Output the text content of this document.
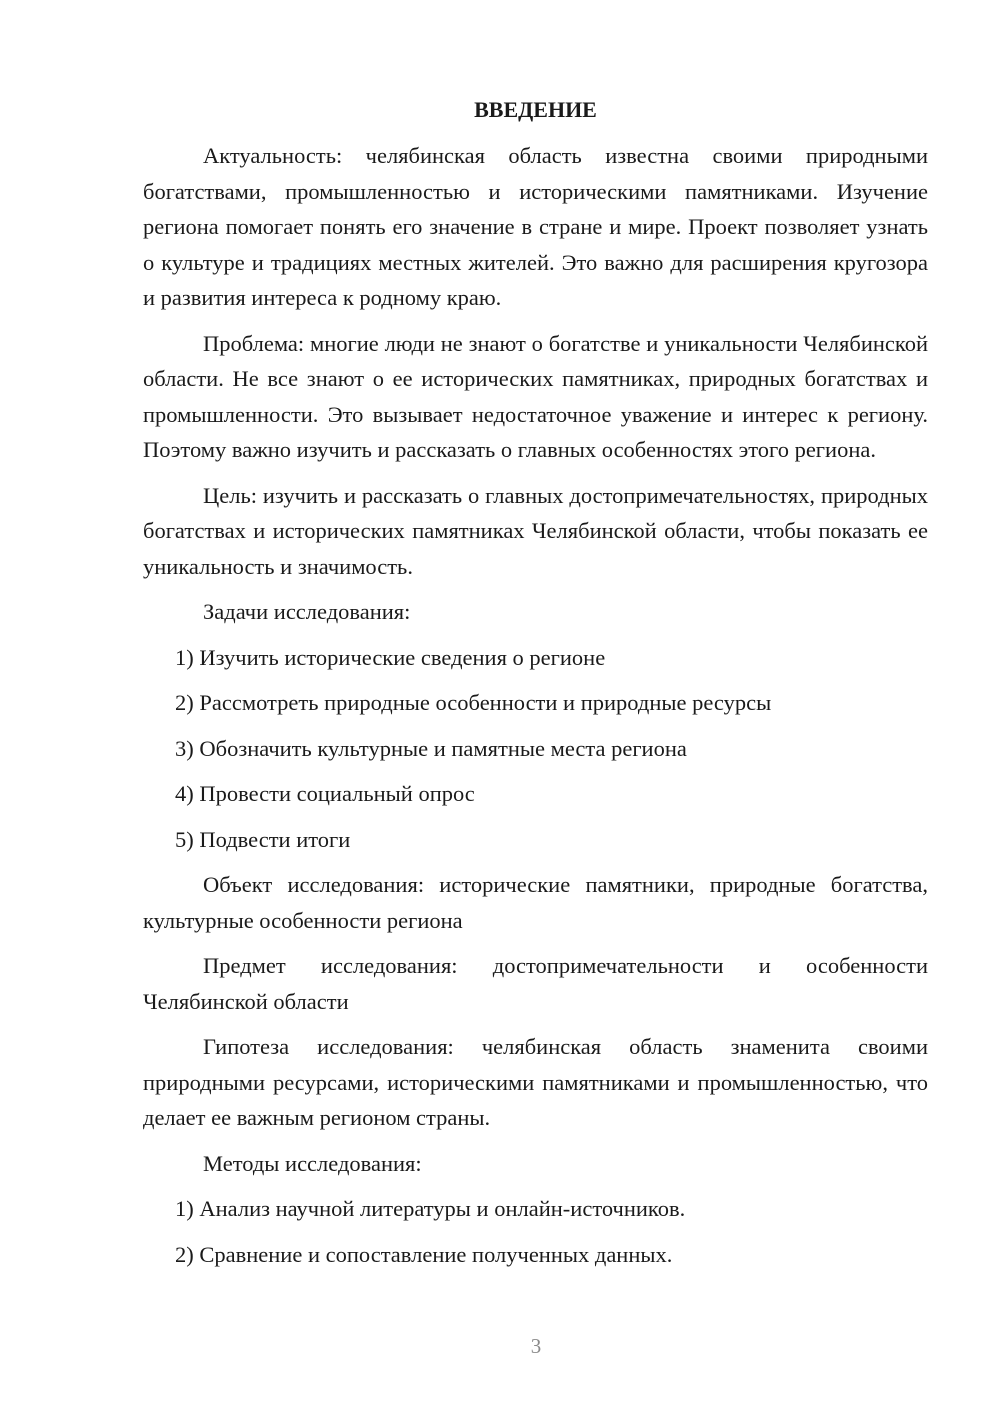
ВВЕДЕНИЕ

Актуальность: челябинская область известна своими природными богатствами, промышленностью и историческими памятниками. Изучение региона помогает понять его значение в стране и мире. Проект позволяет узнать о культуре и традициях местных жителей. Это важно для расширения кругозора и развития интереса к родному краю.

Проблема: многие люди не знают о богатстве и уникальности Челябинской области. Не все знают о ее исторических памятниках, природных богатствах и промышленности. Это вызывает недостаточное уважение и интерес к региону. Поэтому важно изучить и рассказать о главных особенностях этого региона.

Цель: изучить и рассказать о главных достопримечательностях, природных богатствах и исторических памятниках Челябинской области, чтобы показать ее уникальность и значимость.

Задачи исследования:

1) Изучить исторические сведения о регионе
2) Рассмотреть природные особенности и природные ресурсы
3) Обозначить культурные и памятные места региона
4) Провести социальный опрос
5) Подвести итоги

Объект исследования: исторические памятники, природные богатства, культурные особенности региона

Предмет исследования: достопримечательности и особенности Челябинской области

Гипотеза исследования: челябинская область знаменита своими природными ресурсами, историческими памятниками и промышленностью, что делает ее важным регионом страны.

Методы исследования:

1) Анализ научной литературы и онлайн-источников.
2) Сравнение и сопоставление полученных данных.
3
